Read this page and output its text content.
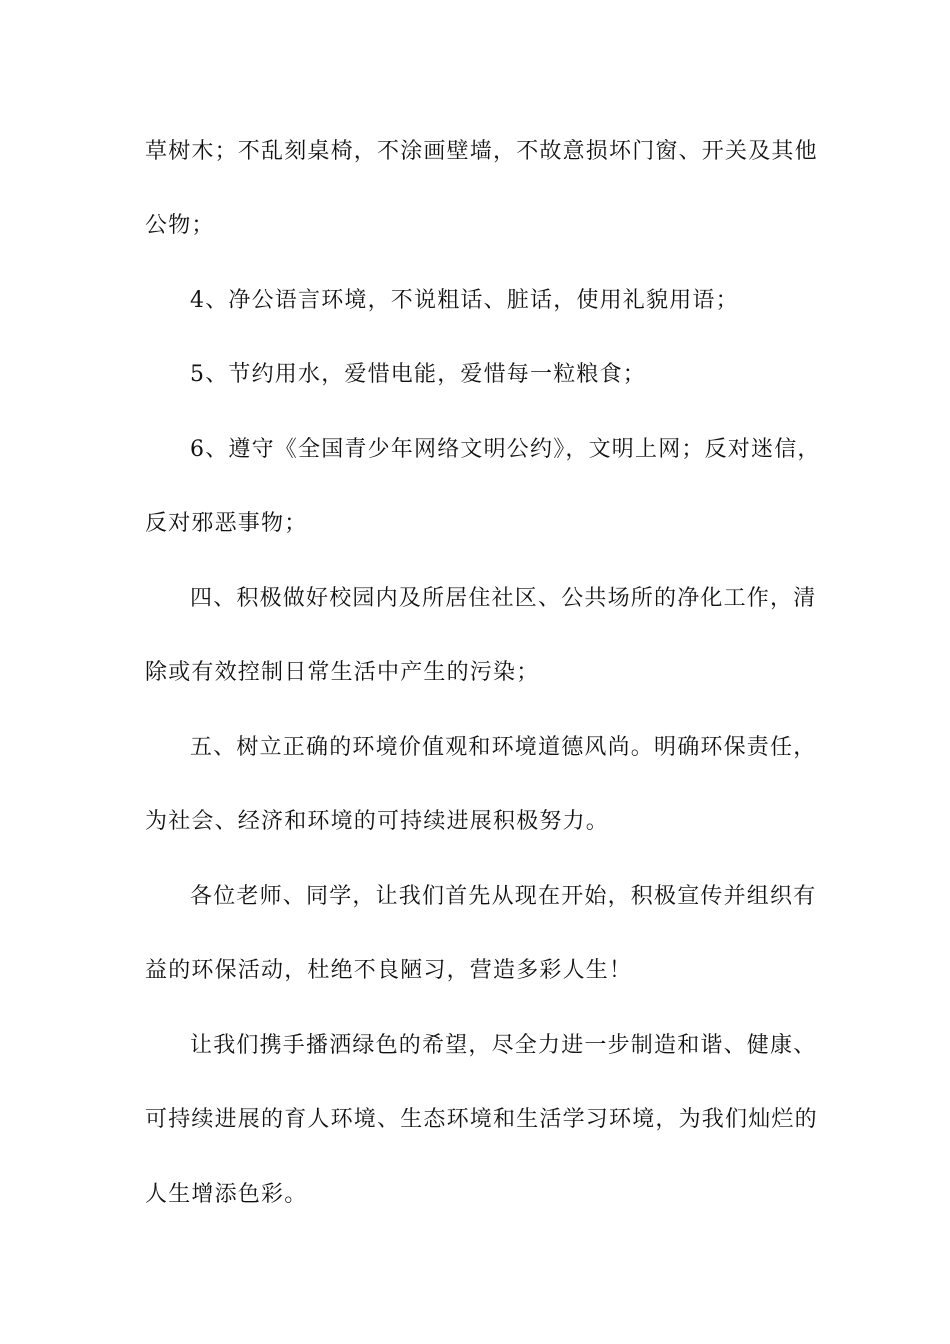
草树木；不乱刻桌椅，不涂画壁墙，不故意损坏门窗、开关及其他
公物；
4、净公语言环境，不说粗话、脏话，使用礼貌用语；
5、节约用水，爱惜电能，爱惜每一粒粮食；
6、遵守《全国青少年网络文明公约》，文明上网；反对迷信，
反对邪恶事物；
四、积极做好校园内及所居住社区、公共场所的净化工作，清
除或有效控制日常生活中产生的污染；
五、树立正确的环境价值观和环境道德风尚。明确环保责任，
为社会、经济和环境的可持续进展积极努力。
各位老师、同学，让我们首先从现在开始，积极宣传并组织有
益的环保活动，杜绝不良陋习，营造多彩人生！
让我们携手播洒绿色的希望，尽全力进一步制造和谐、健康、
可持续进展的育人环境、生态环境和生活学习环境，为我们灿烂的
人生增添色彩。
